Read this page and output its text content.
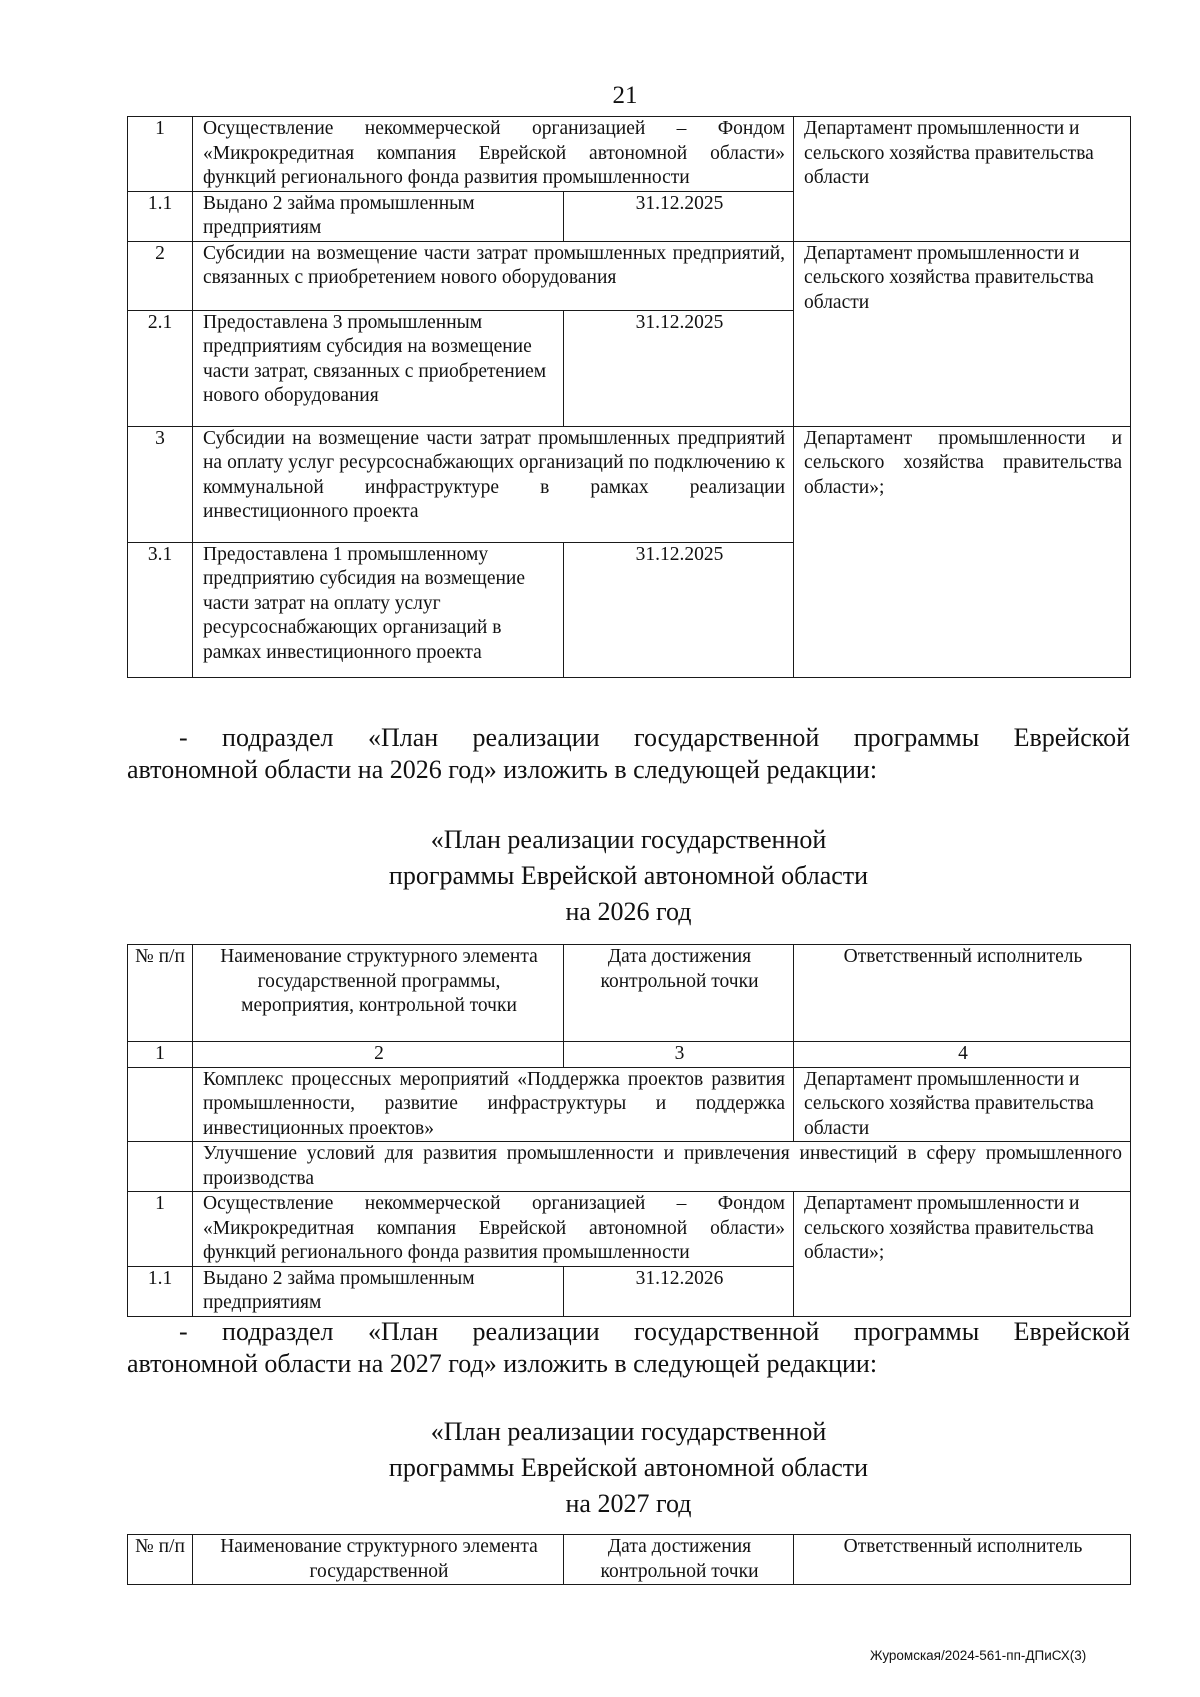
21
1	Осуществление некоммерческой организацией – Фондом «Микрокредитная компания Еврейской автономной области» функций регионального фонда развития промышленности		Департамент промышленности и сельского хозяйства правительства области
1.1	Выдано 2 займа промышленным предприятиям	31.12.2025	
2	Субсидии на возмещение части затрат промышленных предприятий, связанных с приобретением нового оборудования		Департамент промышленности и сельского хозяйства правительства области
2.1	Предоставлена 3 промышленным предприятиям субсидия на возмещение части затрат, связанных с приобретением нового оборудования	31.12.2025	
3	Субсидии на возмещение части затрат промышленных предприятий на оплату услуг ресурсоснабжающих организаций по подключению к коммунальной инфраструктуре в рамках реализации инвестиционного проекта		Департамент промышленности и сельского хозяйства правительства области»;
3.1	Предоставлена 1 промышленному предприятию субсидия на возмещение части затрат на оплату услуг ресурсоснабжающих организаций в рамках инвестиционного проекта	31.12.2025	
- подраздел «План реализации государственной программы Еврейской
автономной области на 2026 год» изложить в следующей редакции:
«План реализации государственной
программы Еврейской автономной области
на 2026 год
№ п/п	Наименование структурного элемента государственной программы, мероприятия, контрольной точки	Дата достижения контрольной точки	Ответственный исполнитель
1	2	3	4
	Комплекс процессных мероприятий «Поддержка проектов развития промышленности, развитие инфраструктуры и поддержка инвестиционных проектов»		Департамент промышленности и сельского хозяйства правительства области
	Улучшение условий для развития промышленности и привлечения инвестиций в сферу промышленного производства		
1	Осуществление некоммерческой организацией – Фондом «Микрокредитная компания Еврейской автономной области» функций регионального фонда развития промышленности		Департамент промышленности и сельского хозяйства правительства области»;
1.1	Выдано 2 займа промышленным предприятиям	31.12.2026	
- подраздел «План реализации государственной программы Еврейской
автономной области на 2027 год» изложить в следующей редакции:
«План реализации государственной
программы Еврейской автономной области
на 2027 год
№ п/п	Наименование структурного элемента государственной	Дата достижения контрольной точки	Ответственный исполнитель
Журомская/2024-561-пп-ДПиСХ(3)
